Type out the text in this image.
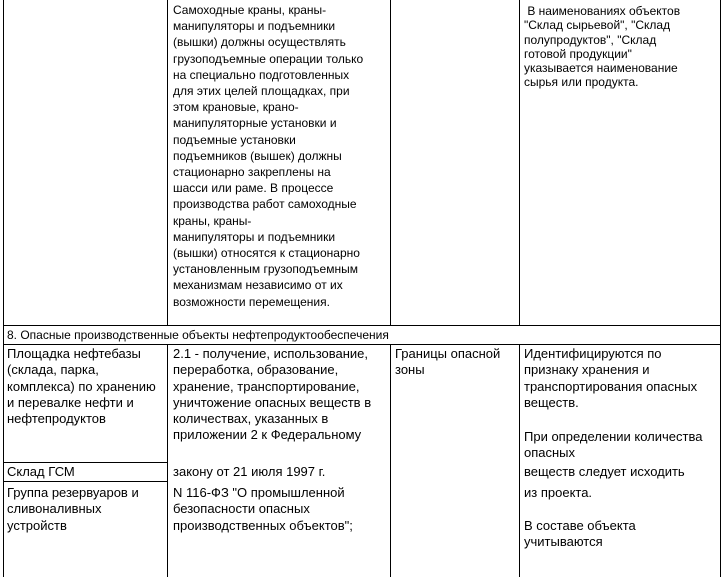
Самоходные краны, краны-
манипуляторы и подъемники
(вышки) должны осуществлять
грузоподъемные операции только
на специально подготовленных
для этих целей площадках, при
этом крановые, крано-
манипуляторные установки и
подъемные установки
подъемников (вышек) должны
стационарно закреплены на
шасси или раме. В процессе
производства работ самоходные
краны, краны-
манипуляторы и подъемники
(вышки) относятся к стационарно
установленным грузоподъемным
механизмам независимо от их
возможности перемещения.
В наименованиях объектов
"Склад сырьевой", "Склад
полупродуктов", "Склад
готовой продукции"
указывается наименование
сырья или продукта.
8. Опасные производственные объекты нефтепродуктообеспечения
Площадка нефтебазы
(склада, парка,
комплекса) по хранению
и перевалке нефти и
нефтепродуктов
Склад ГСМ
Группа резервуаров и
сливоналивных
устройств
2.1 - получение, использование,
переработка, образование,
хранение, транспортирование,
уничтожение опасных веществ в
количествах, указанных в
приложении 2 к Федеральному
закону от 21 июля 1997 г.
N 116-ФЗ "О промышленной
безопасности опасных
производственных объектов";
Границы опасной
зоны
Идентифицируются по
признаку хранения и
транспортирования опасных
веществ.
При определении количества
опасных
веществ следует исходить
из проекта.
В составе объекта
учитываются
